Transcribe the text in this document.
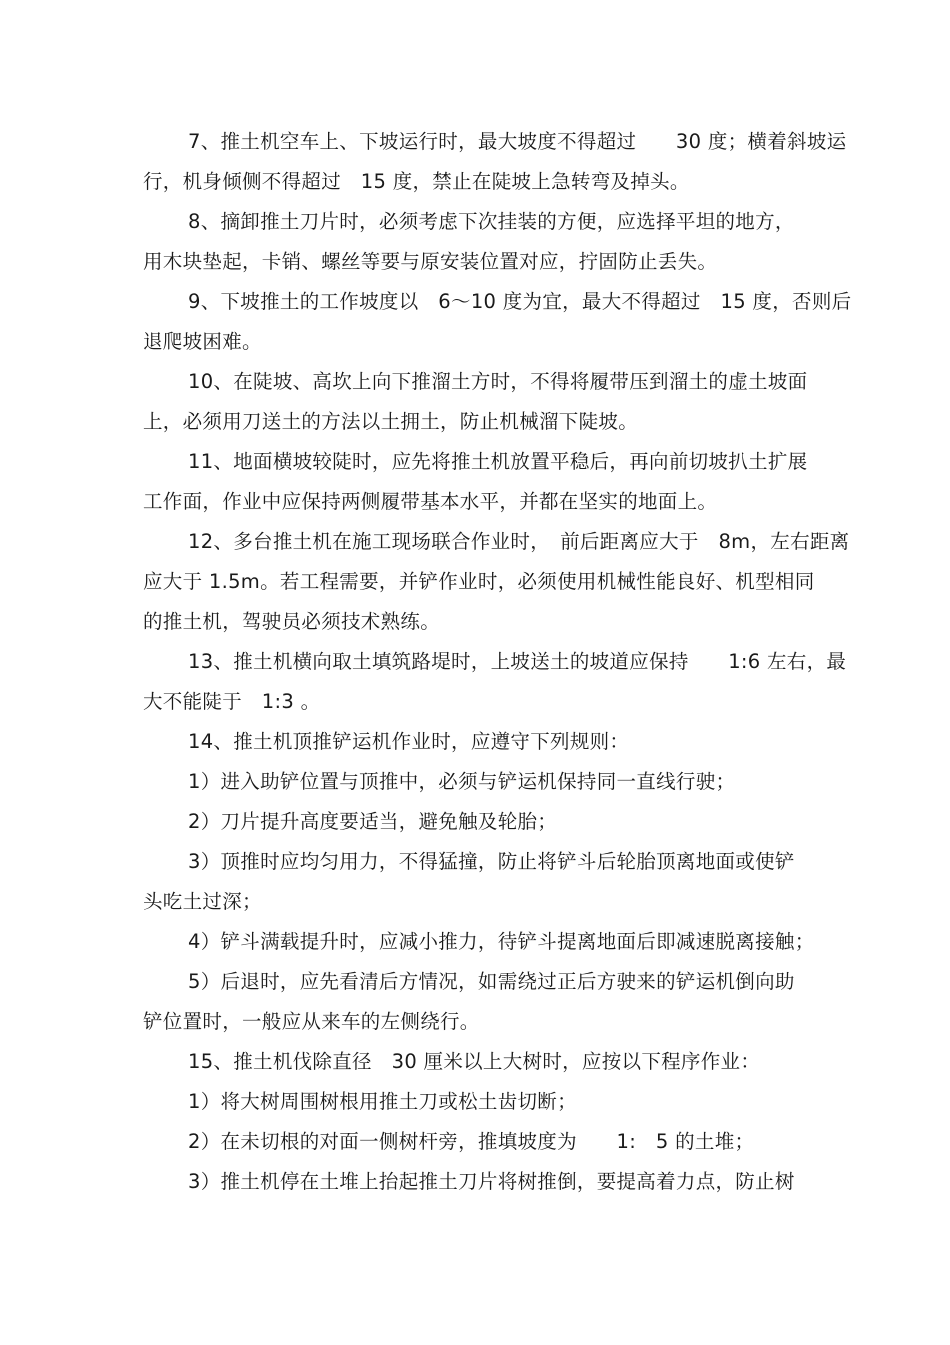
7、推土机空车上、下坡运行时，最大坡度不得超过　　30 度；横着斜坡运
行，机身倾侧不得超过　15 度，禁止在陡坡上急转弯及掉头。
8、摘卸推土刀片时，必须考虑下次挂装的方便，应选择平坦的地方，
用木块垫起，卡销、螺丝等要与原安装位置对应，拧固防止丢失。
9、下坡推土的工作坡度以　6～10 度为宜，最大不得超过　15 度，否则后
退爬坡困难。
10、在陡坡、高坎上向下推溜土方时，不得将履带压到溜土的虚土坡面
上，必须用刀送土的方法以土拥土，防止机械溜下陡坡。
11、地面横坡较陡时，应先将推土机放置平稳后，再向前切坡扒土扩展
工作面，作业中应保持两侧履带基本水平，并都在坚实的地面上。
12、多台推土机在施工现场联合作业时，　前后距离应大于　8m，左右距离
应大于 1.5m。若工程需要，并铲作业时，必须使用机械性能良好、机型相同
的推土机，驾驶员必须技术熟练。
13、推土机横向取土填筑路堤时，上坡送土的坡道应保持　　1:6 左右，最
大不能陡于　1:3 。
14、推土机顶推铲运机作业时，应遵守下列规则：
1）进入助铲位置与顶推中，必须与铲运机保持同一直线行驶；
2）刀片提升高度要适当，避免触及轮胎；
3）顶推时应均匀用力，不得猛撞，防止将铲斗后轮胎顶离地面或使铲
头吃土过深；
4）铲斗满载提升时，应减小推力，待铲斗提离地面后即减速脱离接触；
5）后退时，应先看清后方情况，如需绕过正后方驶来的铲运机倒向助
铲位置时，一般应从来车的左侧绕行。
15、推土机伐除直径　30 厘米以上大树时，应按以下程序作业：
1）将大树周围树根用推土刀或松土齿切断；
2）在未切根的对面一侧树杆旁，推填坡度为　　1:　5 的土堆；
3）推土机停在土堆上抬起推土刀片将树推倒，要提高着力点，防止树
